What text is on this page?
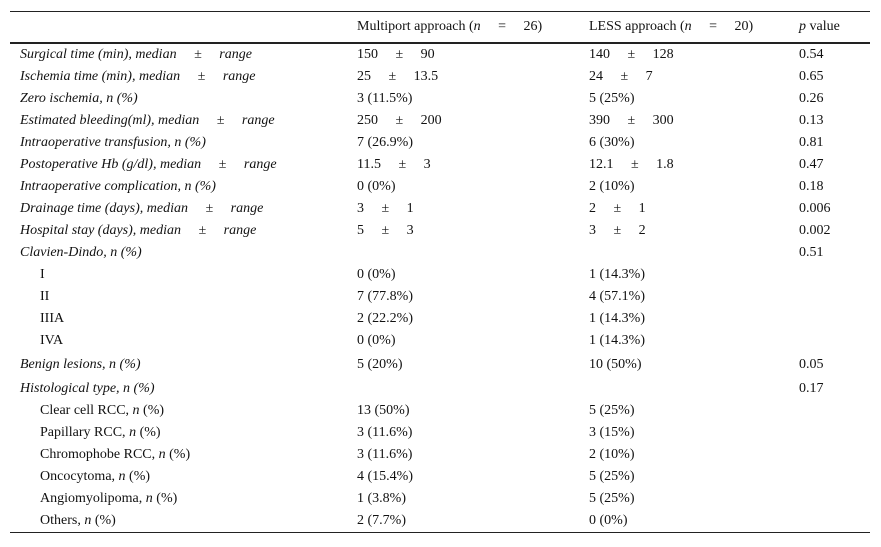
	Multiport approach (n     =     26)	LESS approach (n     =     20)	p value
Surgical time (min), median     ±     range	150     ±     90	140     ±     128	0.54
Ischemia time (min), median     ±     range	25     ±     13.5	24     ±     7	0.65
Zero ischemia, n (%)	3 (11.5%)	5 (25%)	0.26
Estimated bleeding(ml), median     ±     range	250     ±     200	390     ±     300	0.13
Intraoperative transfusion, n (%)	7 (26.9%)	6 (30%)	0.81
Postoperative Hb (g/dl), median     ±     range	11.5     ±     3	12.1     ±     1.8	0.47
Intraoperative complication, n (%)	0 (0%)	2 (10%)	0.18
Drainage time (days), median     ±     range	3     ±     1	2     ±     1	0.006
Hospital stay (days), median     ±     range	5     ±     3	3     ±     2	0.002
Clavien-Dindo, n (%)			0.51
I	0 (0%)	1 (14.3%)	
II	7 (77.8%)	4 (57.1%)	
IIIA	2 (22.2%)	1 (14.3%)	
IVA	0 (0%)	1 (14.3%)	
Benign lesions, n (%)	5 (20%)	10 (50%)	0.05
Histological type, n (%)			0.17
Clear cell RCC, n (%)	13 (50%)	5 (25%)	
Papillary RCC, n (%)	3 (11.6%)	3 (15%)	
Chromophobe RCC, n (%)	3 (11.6%)	2 (10%)	
Oncocytoma, n (%)	4 (15.4%)	5 (25%)	
Angiomyolipoma, n (%)	1 (3.8%)	5 (25%)	
Others, n (%)	2 (7.7%)	0 (0%)	
